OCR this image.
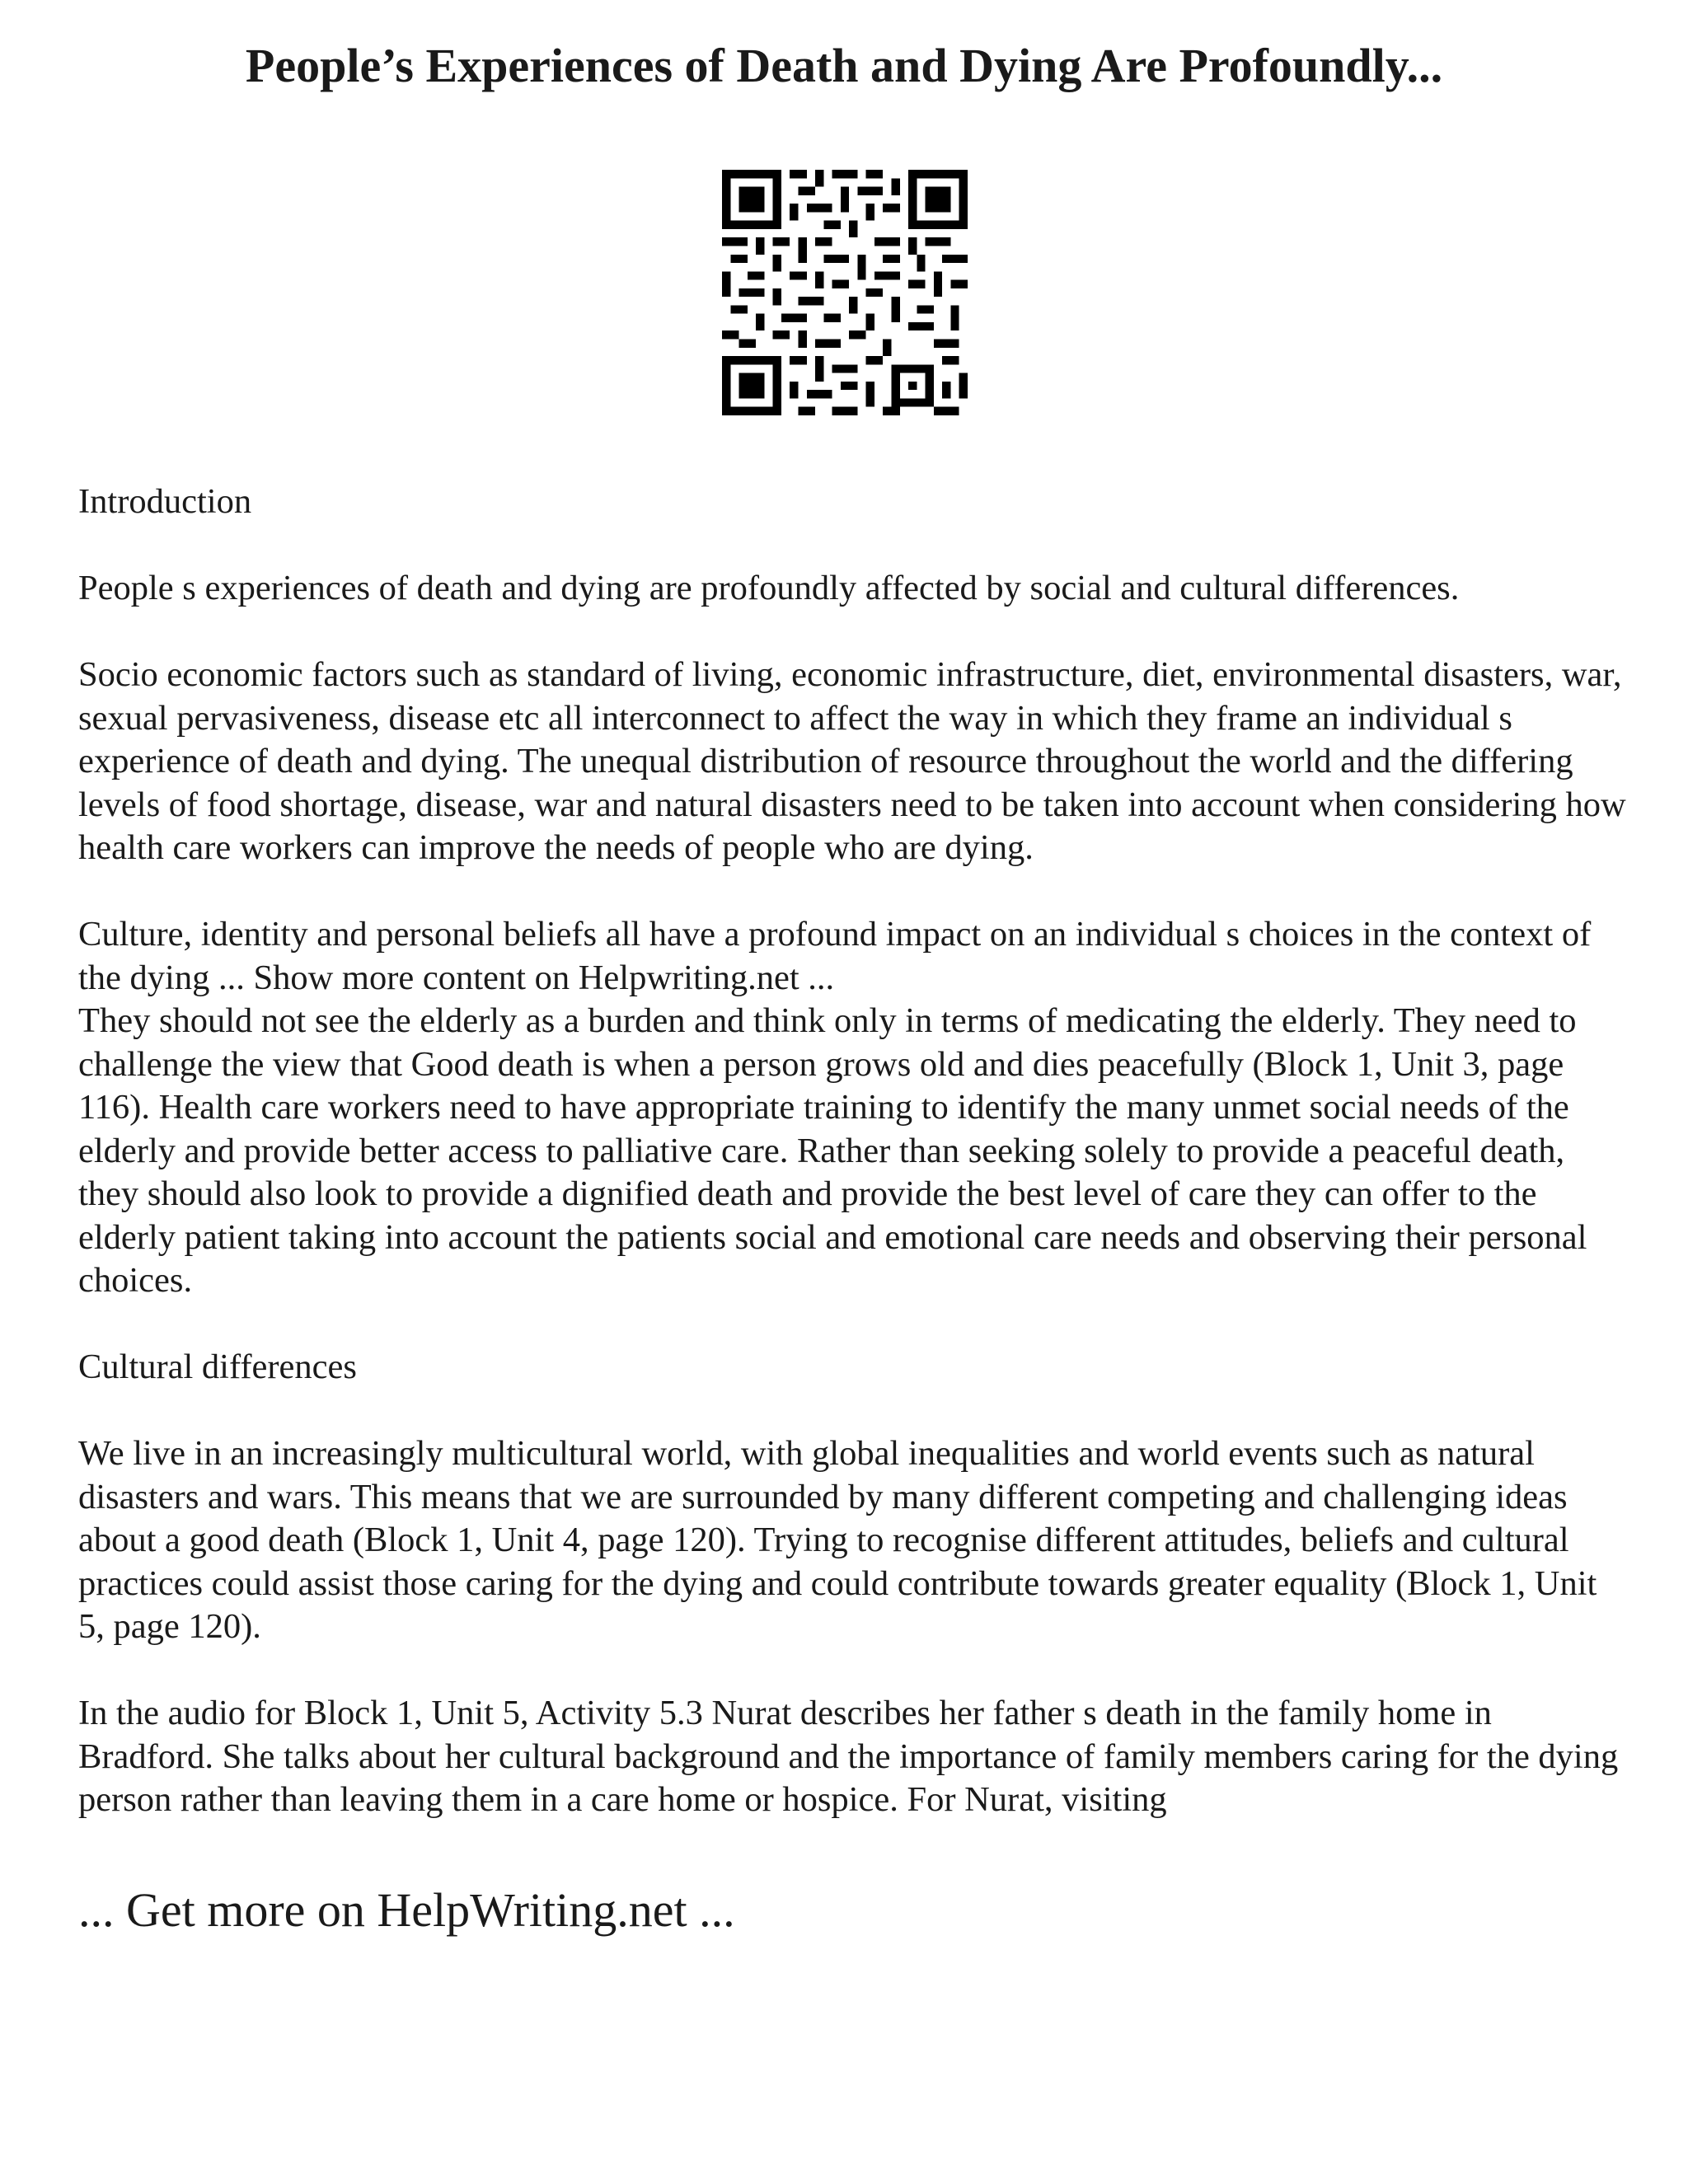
People’s Experiences of Death and Dying Are Profoundly...

Introduction

People s experiences of death and dying are profoundly affected by social and cultural differences.

Socio economic factors such as standard of living, economic infrastructure, diet, environmental disasters, war, sexual pervasiveness, disease etc all interconnect to affect the way in which they frame an individual s experience of death and dying. The unequal distribution of resource throughout the world and the differing levels of food shortage, disease, war and natural disasters need to be taken into account when considering how health care workers can improve the needs of people who are dying.

Culture, identity and personal beliefs all have a profound impact on an individual s choices in the context of the dying ... Show more content on Helpwriting.net ...

They should not see the elderly as a burden and think only in terms of medicating the elderly. They need to challenge the view that Good death is when a person grows old and dies peacefully (Block 1, Unit 3, page 116). Health care workers need to have appropriate training to identify the many unmet social needs of the elderly and provide better access to palliative care. Rather than seeking solely to provide a peaceful death, they should also look to provide a dignified death and provide the best level of care they can offer to the elderly patient taking into account the patients social and emotional care needs and observing their personal choices.

Cultural differences

We live in an increasingly multicultural world, with global inequalities and world events such as natural disasters and wars. This means that we are surrounded by many different competing and challenging ideas about a good death (Block 1, Unit 4, page 120). Trying to recognise different attitudes, beliefs and cultural practices could assist those caring for the dying and could contribute towards greater equality (Block 1, Unit 5, page 120).

In the audio for Block 1, Unit 5, Activity 5.3 Nurat describes her father s death in the family home in Bradford. She talks about her cultural background and the importance of family members caring for the dying person rather than leaving them in a care home or hospice. For Nurat, visiting

... Get more on HelpWriting.net ...
